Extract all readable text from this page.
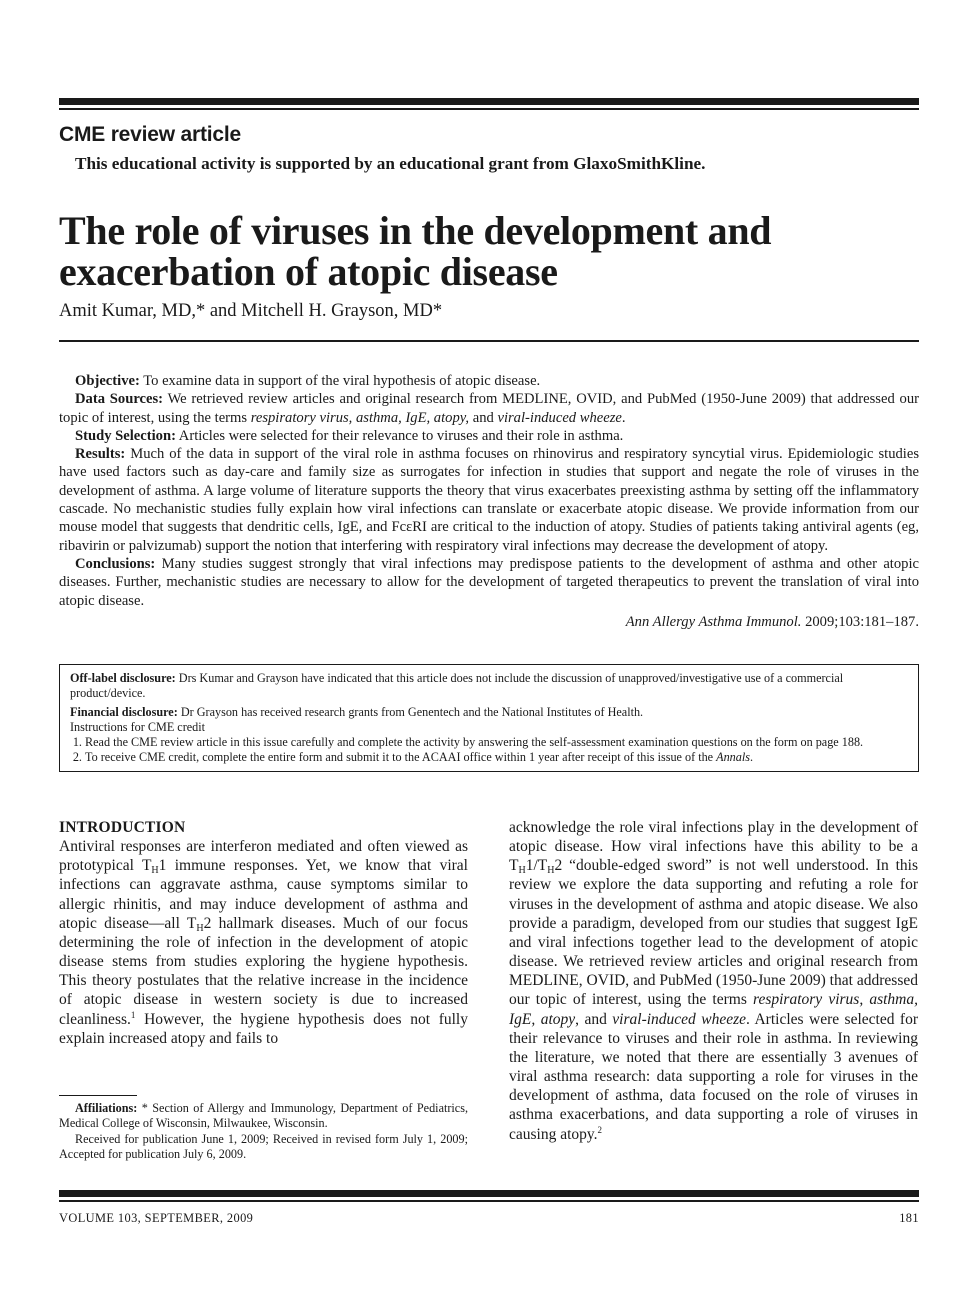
CME review article
This educational activity is supported by an educational grant from GlaxoSmithKline.
The role of viruses in the development and exacerbation of atopic disease
Amit Kumar, MD,* and Mitchell H. Grayson, MD*

Objective: To examine data in support of the viral hypothesis of atopic disease.

Data Sources: We retrieved review articles and original research from MEDLINE, OVID, and PubMed (1950-June 2009) that addressed our topic of interest, using the terms respiratory virus, asthma, IgE, atopy, and viral-induced wheeze.

Study Selection: Articles were selected for their relevance to viruses and their role in asthma.

Results: Much of the data in support of the viral role in asthma focuses on rhinovirus and respiratory syncytial virus. Epidemiologic studies have used factors such as day-care and family size as surrogates for infection in studies that support and negate the role of viruses in the development of asthma. A large volume of literature supports the theory that virus exacerbates preexisting asthma by setting off the inflammatory cascade. No mechanistic studies fully explain how viral infections can translate or exacerbate atopic disease. We provide information from our mouse model that suggests that dendritic cells, IgE, and FcεRI are critical to the induction of atopy. Studies of patients taking antiviral agents (eg, ribavirin or palvizumab) support the notion that interfering with respiratory viral infections may decrease the development of atopy.

Conclusions: Many studies suggest strongly that viral infections may predispose patients to the development of asthma and other atopic diseases. Further, mechanistic studies are necessary to allow for the development of targeted therapeutics to prevent the translation of viral into atopic disease.

Ann Allergy Asthma Immunol. 2009;103:181–187.

Off-label disclosure: Drs Kumar and Grayson have indicated that this article does not include the discussion of unapproved/investigative use of a commercial product/device.

Financial disclosure: Dr Grayson has received research grants from Genentech and the National Institutes of Health.

Instructions for CME credit
1. Read the CME review article in this issue carefully and complete the activity by answering the self-assessment examination questions on the form on page 188.
2. To receive CME credit, complete the entire form and submit it to the ACAAI office within 1 year after receipt of this issue of the Annals.
INTRODUCTION

Antiviral responses are interferon mediated and often viewed as prototypical $T_H1$ immune responses. Yet, we know that viral infections can aggravate asthma, cause symptoms similar to allergic rhinitis, and may induce development of asthma and atopic disease—all $T_H2$ hallmark diseases. Much of our focus determining the role of infection in the development of atopic disease stems from studies exploring the hygiene hypothesis. This theory postulates that the relative increase in the incidence of atopic disease in western society is due to increased cleanliness.$^1$ However, the hygiene hypothesis does not fully explain increased atopy and fails to

acknowledge the role viral infections play in the development of atopic disease. How viral infections have this ability to be a $T_H1/T_H2$ “double-edged sword” is not well understood. In this review we explore the data supporting and refuting a role for viruses in the development of asthma and atopic disease. We also provide a paradigm, developed from our studies that suggest IgE and viral infections together lead to the development of atopic disease. We retrieved review articles and original research from MEDLINE, OVID, and PubMed (1950-June 2009) that addressed our topic of interest, using the terms respiratory virus, asthma, IgE, atopy, and viral-induced wheeze. Articles were selected for their relevance to viruses and their role in asthma. In reviewing the literature, we noted that there are essentially 3 avenues of viral asthma research: data supporting a role for viruses in the development of asthma, data focused on the role of viruses in asthma exacerbations, and data supporting a role of viruses in causing atopy.$^2$

Affiliations: * Section of Allergy and Immunology, Department of Pediatrics, Medical College of Wisconsin, Milwaukee, Wisconsin.

Received for publication June 1, 2009; Received in revised form July 1, 2009; Accepted for publication July 6, 2009.

VOLUME 103, SEPTEMBER, 2009	181
